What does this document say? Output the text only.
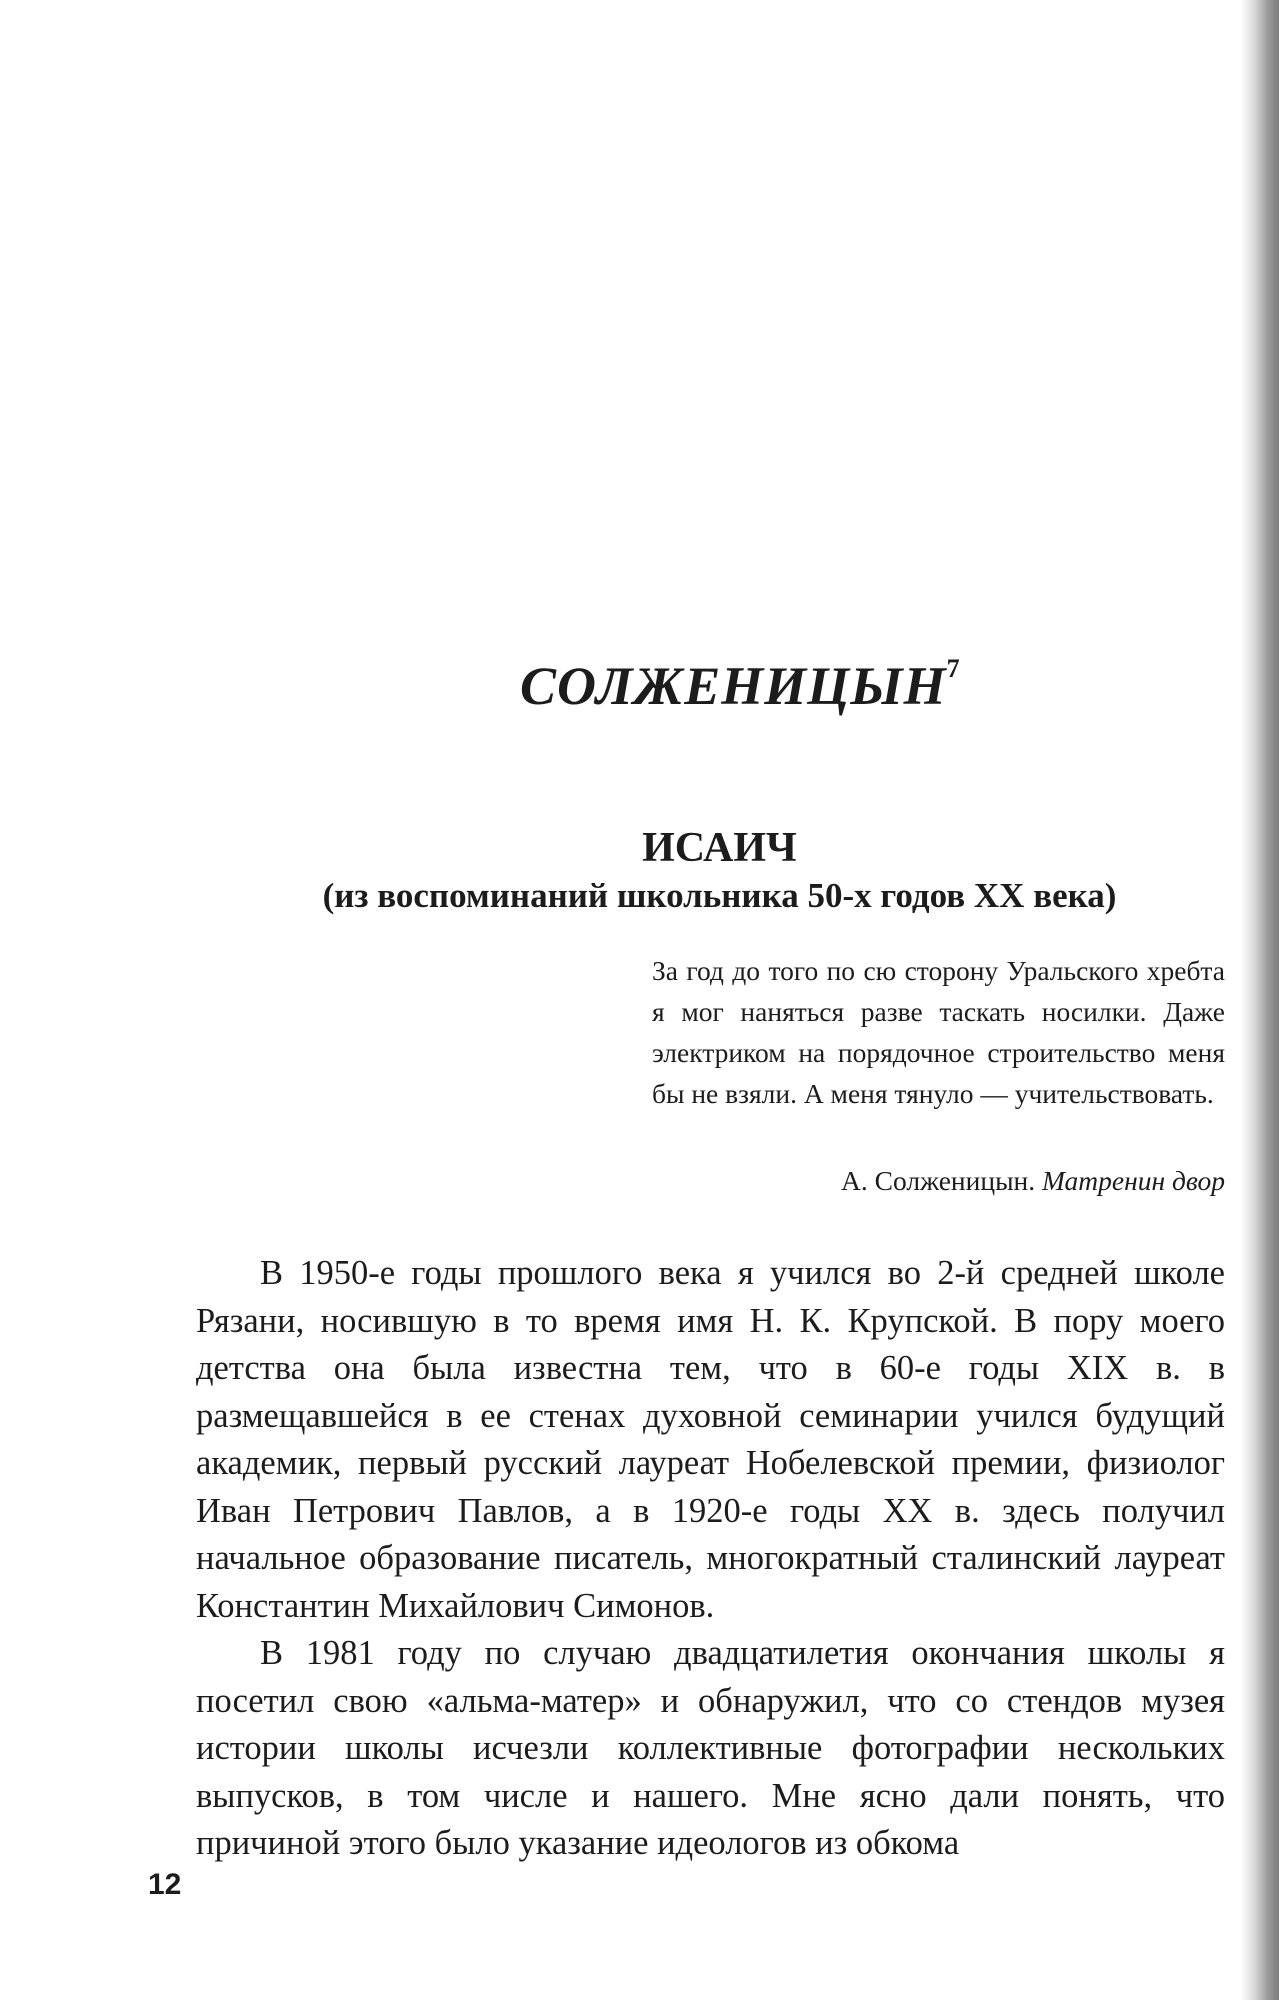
СОЛЖЕНИЦЫН$^7$
ИСАИЧ
(из воспоминаний школьника 50-х годов XX века)

За год до того по сю сторону Уральского хребта я мог наняться разве таскать носилки. Даже электриком на порядочное строительство меня бы не взяли. А меня тянуло — учительствовать.

А. Солженицын. Матренин двор

В 1950-е годы прошлого века я учился во 2-й средней школе Рязани, носившую в то время имя Н. К. Крупской. В пору моего детства она была известна тем, что в 60-е годы XIX в. в размещавшейся в ее стенах духовной семинарии учился будущий академик, первый русский лауреат Нобелевской премии, физиолог Иван Петрович Павлов, а в 1920-е годы XX в. здесь получил начальное образование писатель, многократный сталинский лауреат Константин Михайлович Симонов.

В 1981 году по случаю двадцатилетия окончания школы я посетил свою «альма-матер» и обнаружил, что со стендов музея истории школы исчезли коллективные фотографии нескольких выпусков, в том числе и нашего. Мне ясно дали понять, что причиной этого было указание идеологов из обкома

12
